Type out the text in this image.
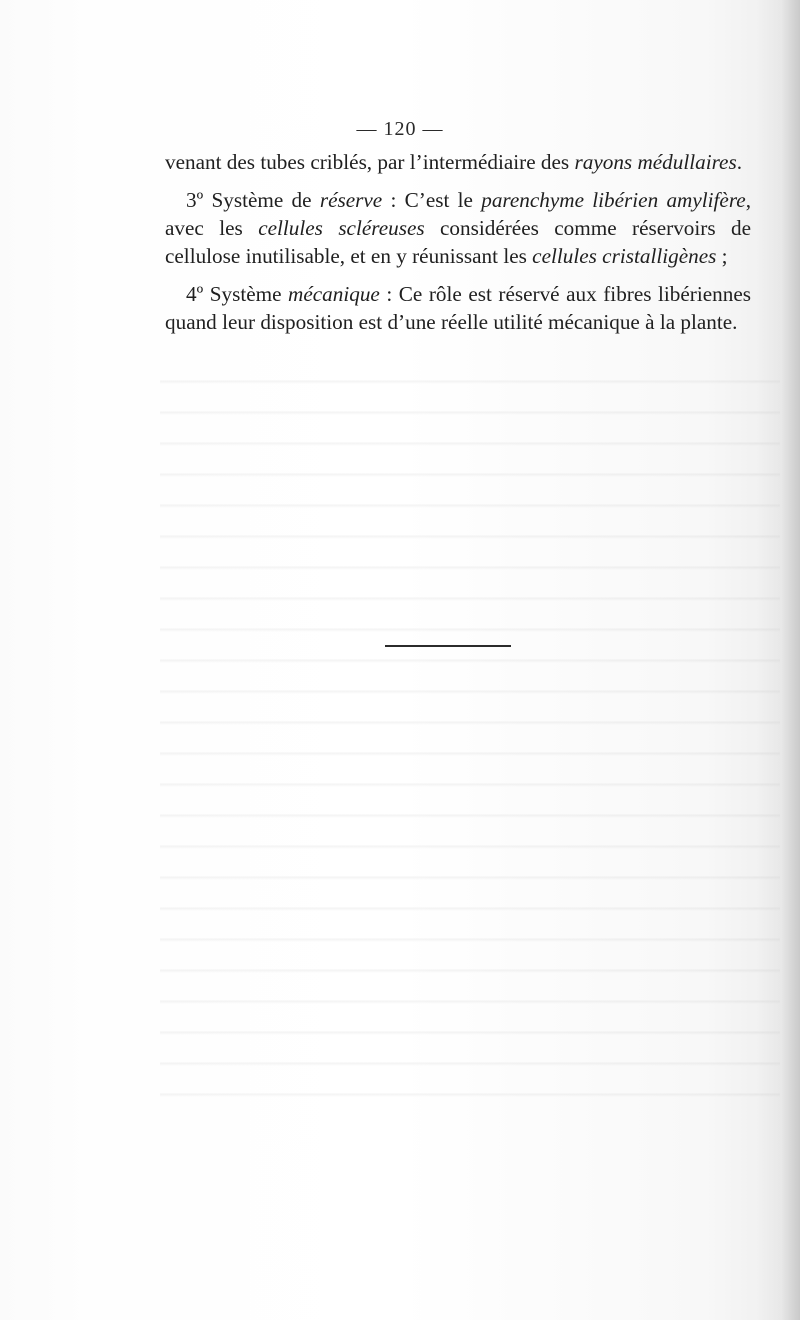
— 120 —

venant des tubes criblés, par l’intermédiaire des rayons médullaires.

3º Système de réserve : C’est le parenchyme libérien amylifère, avec les cellules scléreuses considérées comme réservoirs de cellulose inutilisable, et en y réunissant les cellules cristalligènes ;

4º Système mécanique : Ce rôle est réservé aux fibres libériennes quand leur disposition est d’une réelle utilité mécanique à la plante.
